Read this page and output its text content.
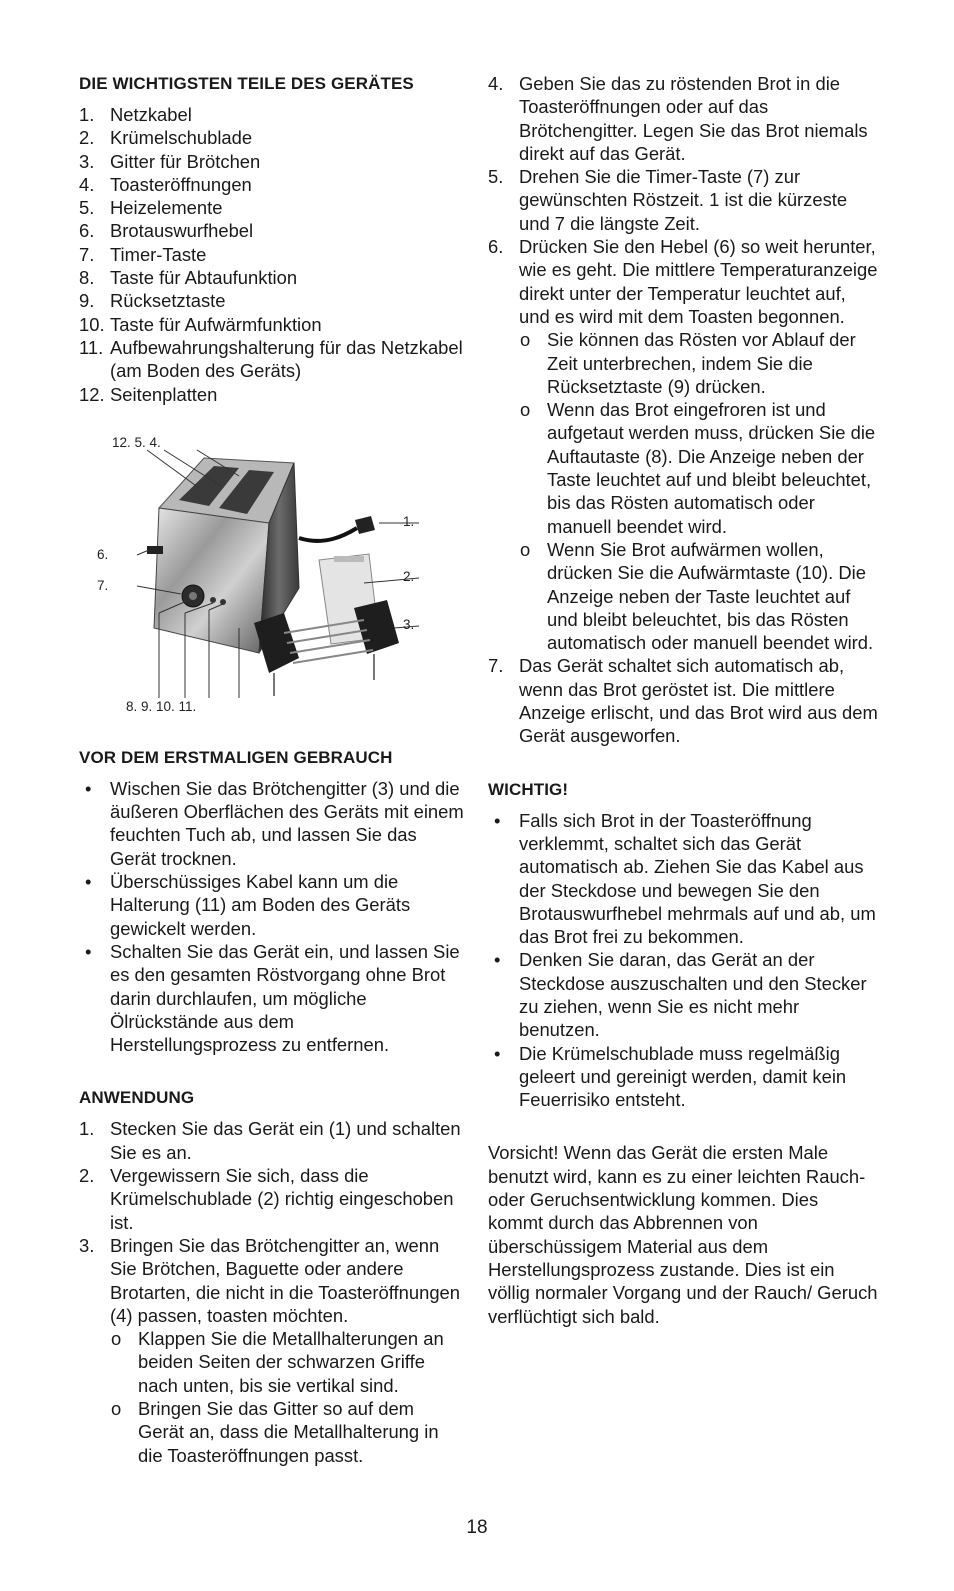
DIE WICHTIGSTEN TEILE DES GERÄTES
1. Netzkabel
2. Krümelschublade
3. Gitter für Brötchen
4. Toasteröffnungen
5. Heizelemente
6. Brotauswurfhebel
7. Timer-Taste
8. Taste für Abtaufunktion
9. Rücksetztaste
10. Taste für Aufwärmfunktion
11. Aufbewahrungshalterung für das Netzkabel (am Boden des Geräts)
12. Seitenplatten
12. 5. 4.
1.
2.
3.
6.
7.
8. 9. 10. 11.
VOR DEM ERSTMALIGEN GEBRAUCH
•	Wischen Sie das Brötchengitter (3) und die äußeren Oberflächen des Geräts mit einem feuchten Tuch ab, und lassen Sie das Gerät trocknen.
•	Überschüssiges Kabel kann um die Halterung (11) am Boden des Geräts gewickelt werden.
•	Schalten Sie das Gerät ein, und lassen Sie es den gesamten Röstvorgang ohne Brot darin durchlaufen, um mögliche Ölrückstände aus dem Herstellungsprozess zu entfernen.
ANWENDUNG
1. Stecken Sie das Gerät ein (1) und schalten Sie es an.
2. Vergewissern Sie sich, dass die Krümelschublade (2) richtig eingeschoben ist.
3. Bringen Sie das Brötchengitter an, wenn Sie Brötchen, Baguette oder andere Brotarten, die nicht in die Toasteröffnungen (4) passen, toasten möchten.
o Klappen Sie die Metallhalterungen an beiden Seiten der schwarzen Griffe nach unten, bis sie vertikal sind.
o Bringen Sie das Gitter so auf dem Gerät an, dass die Metallhalterung in die Toasteröffnungen passt.
4. Geben Sie das zu röstenden Brot in die Toasteröffnungen oder auf das Brötchengitter. Legen Sie das Brot niemals direkt auf das Gerät.
5. Drehen Sie die Timer-Taste (7) zur gewünschten Röstzeit. 1 ist die kürzeste und 7 die längste Zeit.
6. Drücken Sie den Hebel (6) so weit herunter, wie es geht. Die mittlere Temperaturanzeige direkt unter der Temperatur leuchtet auf, und es wird mit dem Toasten begonnen.
o Sie können das Rösten vor Ablauf der Zeit unterbrechen, indem Sie die Rücksetztaste (9) drücken.
o Wenn das Brot eingefroren ist und aufgetaut werden muss, drücken Sie die Auftautaste (8). Die Anzeige neben der Taste leuchtet auf und bleibt beleuchtet, bis das Rösten automatisch oder manuell beendet wird.
o Wenn Sie Brot aufwärmen wollen, drücken Sie die Aufwärmtaste (10). Die Anzeige neben der Taste leuchtet auf und bleibt beleuchtet, bis das Rösten automatisch oder manuell beendet wird.
7. Das Gerät schaltet sich automatisch ab, wenn das Brot geröstet ist. Die mittlere Anzeige erlischt, und das Brot wird aus dem Gerät ausgeworfen.
WICHTIG!
•	Falls sich Brot in der Toasteröffnung verklemmt, schaltet sich das Gerät automatisch ab. Ziehen Sie das Kabel aus der Steckdose und bewegen Sie den Brotauswurfhebel mehrmals auf und ab, um das Brot frei zu bekommen.
•	Denken Sie daran, das Gerät an der Steckdose auszuschalten und den Stecker zu ziehen, wenn Sie es nicht mehr benutzen.
•	Die Krümelschublade muss regelmäßig geleert und gereinigt werden, damit kein Feuerrisiko entsteht.

Vorsicht! Wenn das Gerät die ersten Male benutzt wird, kann es zu einer leichten Rauch- oder Geruchsentwicklung kommen. Dies kommt durch das Abbrennen von überschüssigem Material aus dem Herstellungsprozess zustande. Dies ist ein völlig normaler Vorgang und der Rauch/ Geruch verflüchtigt sich bald.

18
